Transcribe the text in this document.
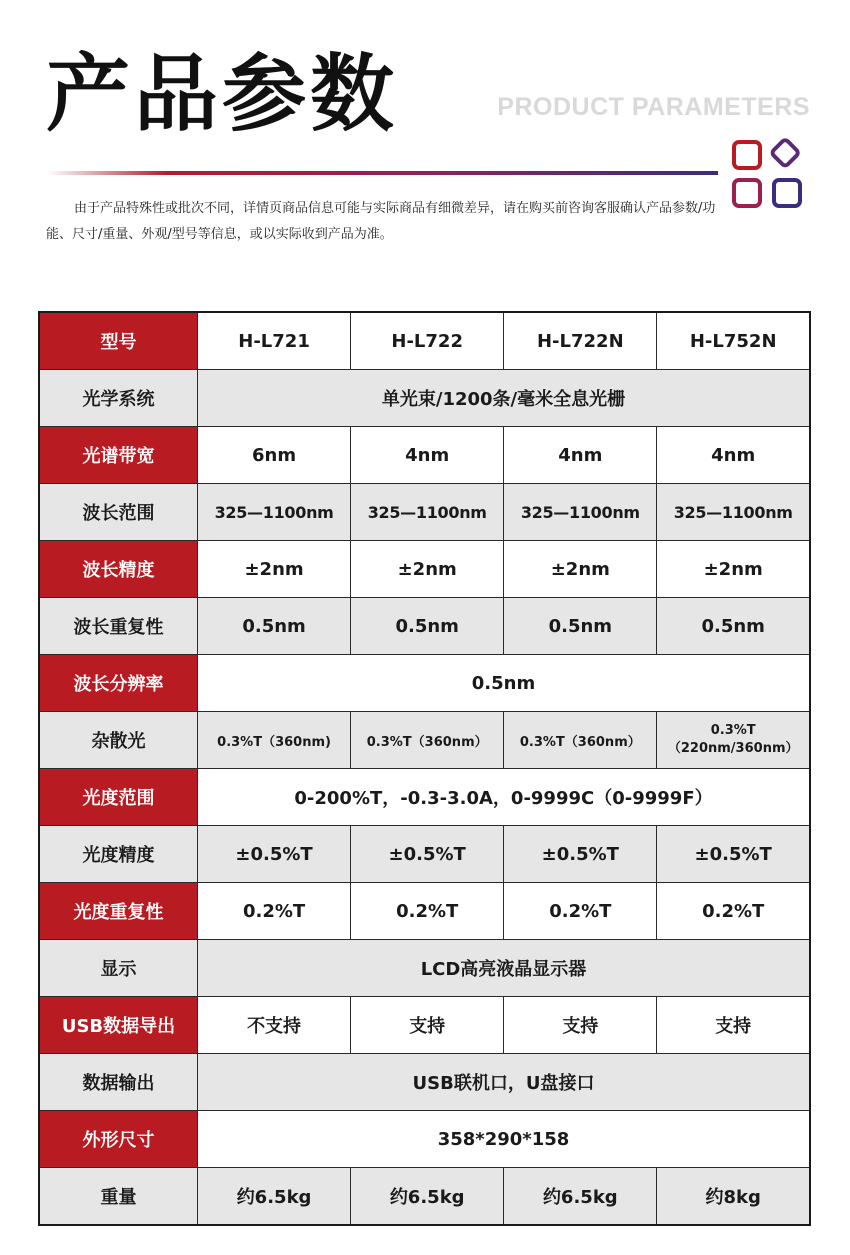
产品参数	PRODUCT PARAMETERS
由于产品特殊性或批次不同，详情页商品信息可能与实际商品有细微差异，请在购买前咨询客服确认产品参数/功能、尺寸/重量、外观/型号等信息，或以实际收到产品为准。
型号	H-L721	H-L722	H-L722N	H-L752N
光学系统	单光束/1200条/毫米全息光栅			
光谱带宽	6nm	4nm	4nm	4nm
波长范围	325—1100nm	325—1100nm	325—1100nm	325—1100nm
波长精度	±2nm	±2nm	±2nm	±2nm
波长重复性	0.5nm	0.5nm	0.5nm	0.5nm
波长分辨率	0.5nm			
杂散光	0.3%T（360nm)	0.3%T（360nm）	0.3%T（360nm）	0.3%T
（220nm/360nm）

光度范围	0-200%T，-0.3-3.0A，0-9999C（0-9999F）			
光度精度	±0.5%T	±0.5%T	±0.5%T	±0.5%T
光度重复性	0.2%T	0.2%T	0.2%T	0.2%T
显示	LCD高亮液晶显示器			
USB数据导出	不支持	支持	支持	支持
数据输出	USB联机口，U盘接口			
外形尺寸	358*290*158			
重量	约6.5kg	约6.5kg	约6.5kg	约8kg
